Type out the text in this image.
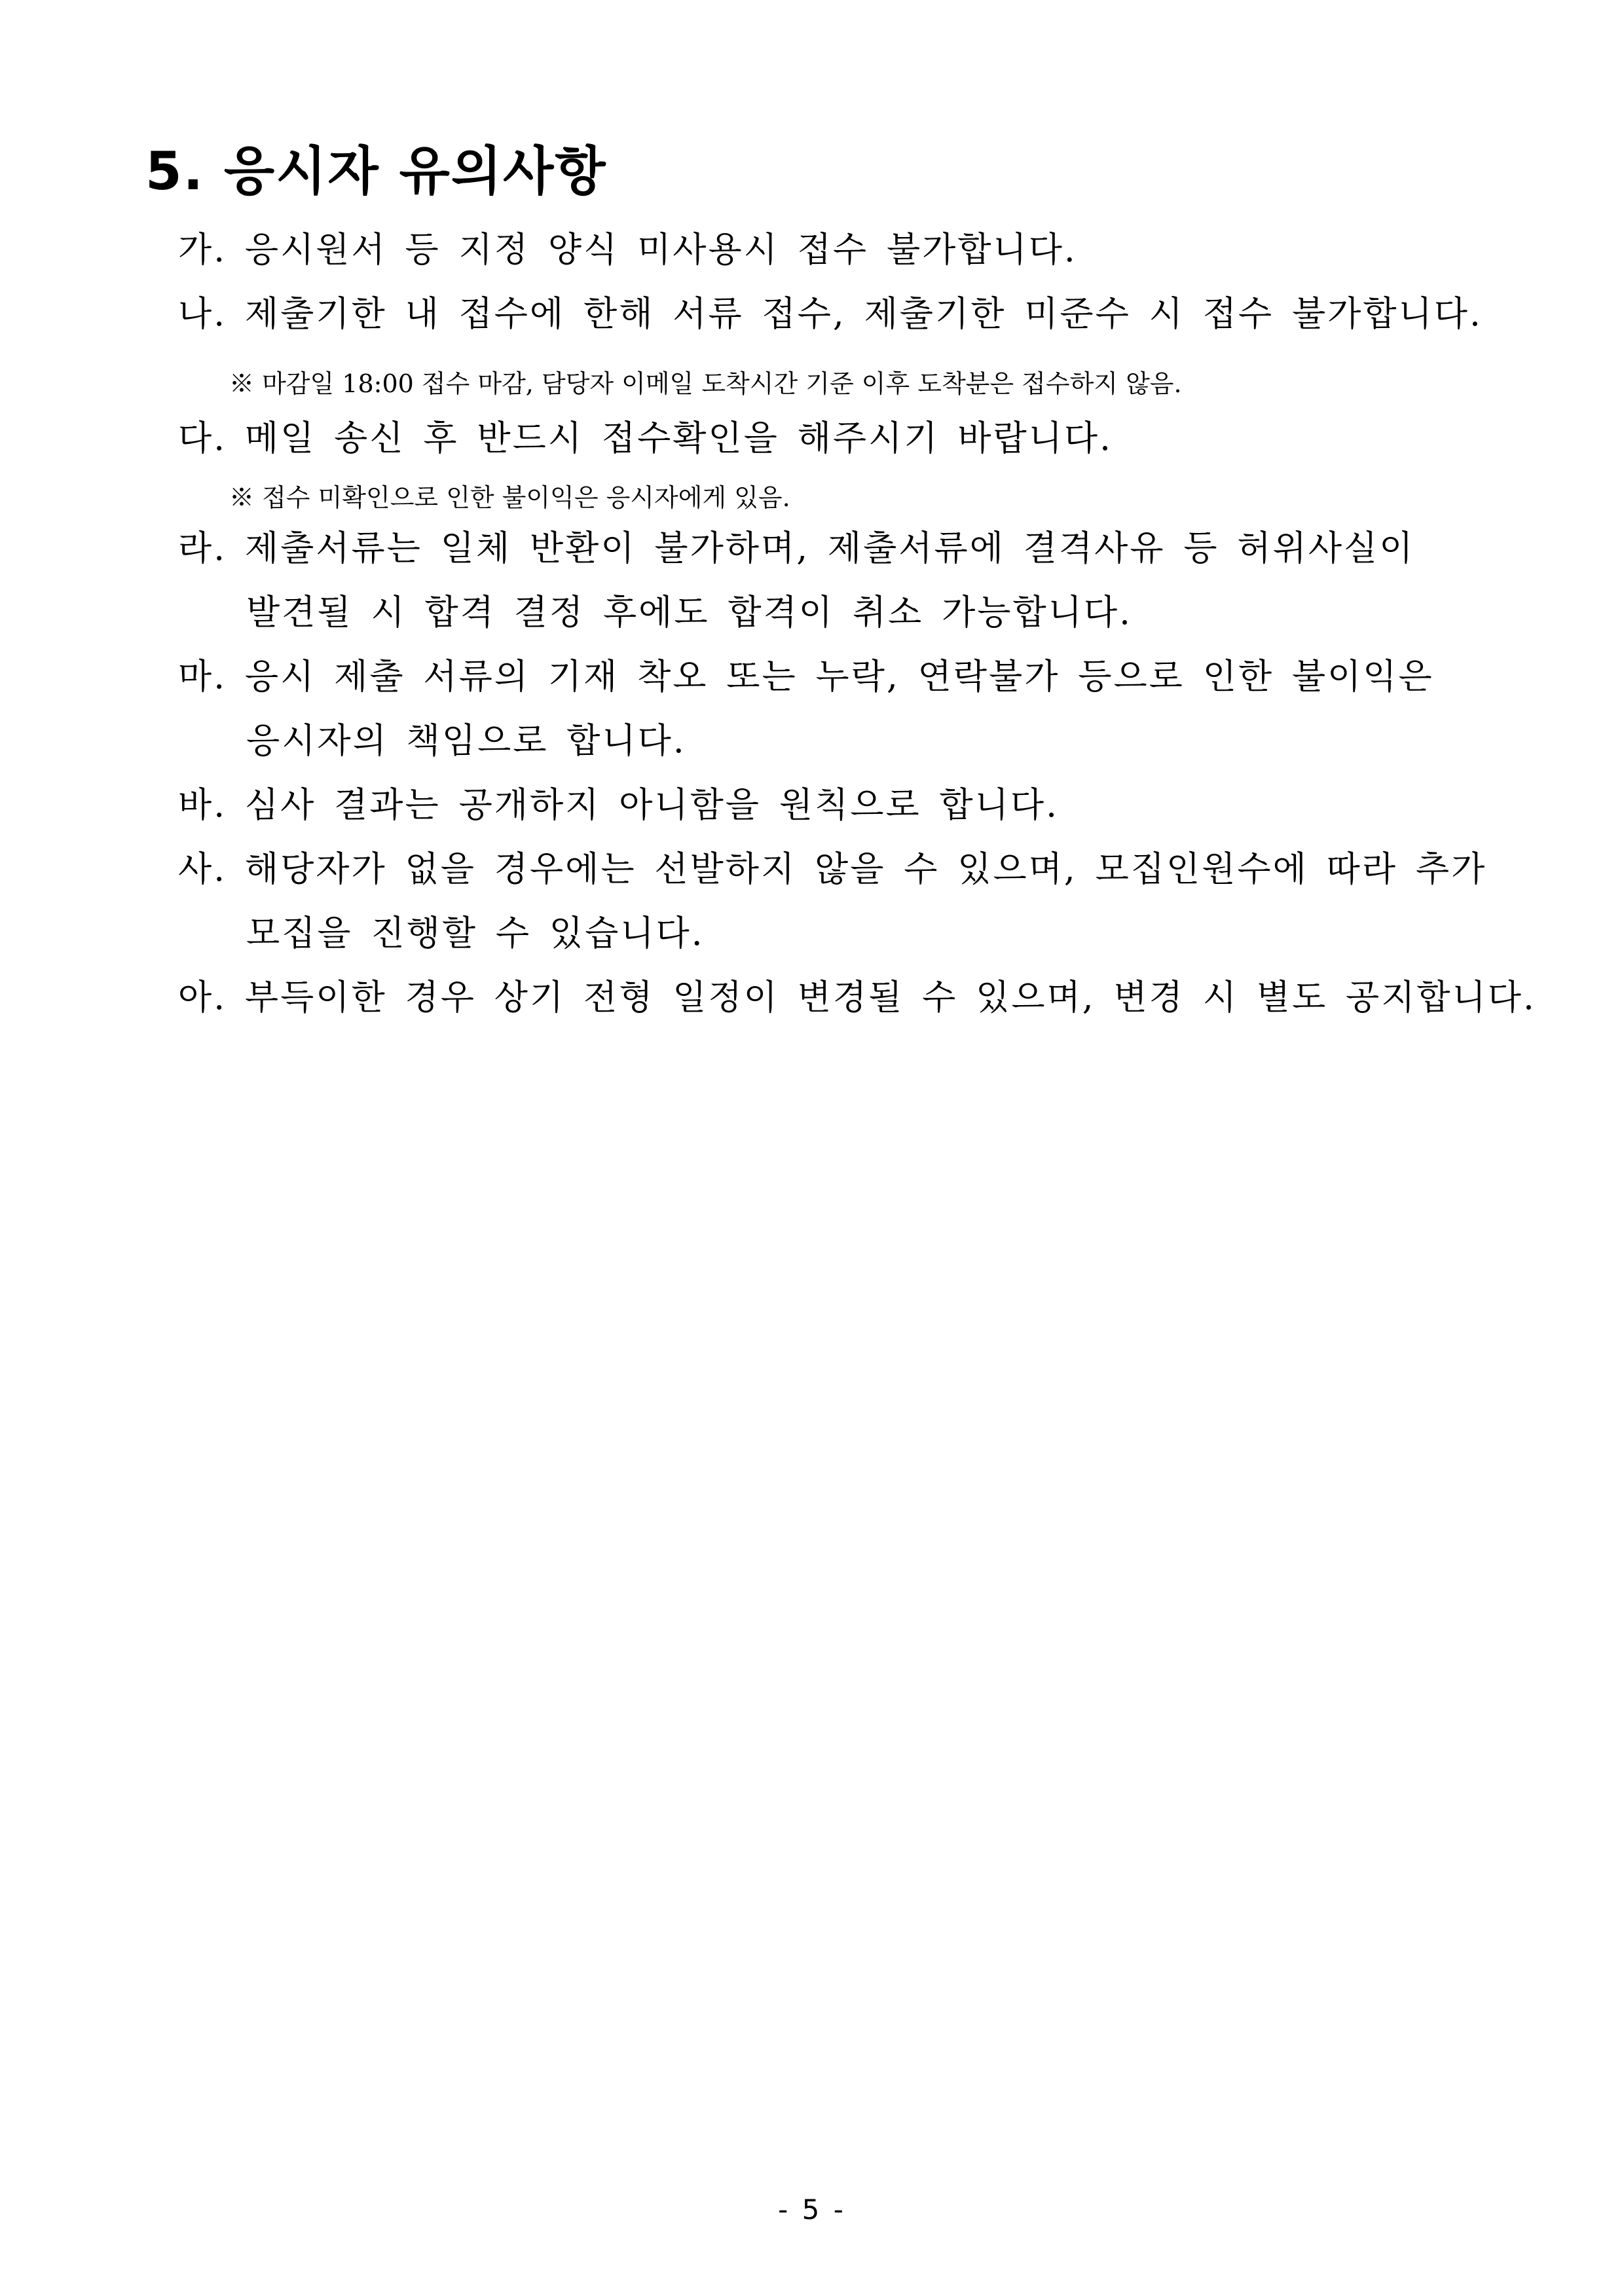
5. 응시자 유의사항
가. 응시원서 등 지정 양식 미사용시 접수 불가합니다.
나. 제출기한 내 접수에 한해 서류 접수, 제출기한 미준수 시 접수 불가합니다.
※ 마감일 18:00 접수 마감, 담당자 이메일 도착시간 기준 이후 도착분은 접수하지 않음.
다. 메일 송신 후 반드시 접수확인을 해주시기 바랍니다.
※ 접수 미확인으로 인한 불이익은 응시자에게 있음.
라. 제출서류는 일체 반환이 불가하며, 제출서류에 결격사유 등 허위사실이
발견될 시 합격 결정 후에도 합격이 취소 가능합니다.
마. 응시 제출 서류의 기재 착오 또는 누락, 연락불가 등으로 인한 불이익은
응시자의 책임으로 합니다.
바. 심사 결과는 공개하지 아니함을 원칙으로 합니다.
사. 해당자가 없을 경우에는 선발하지 않을 수 있으며, 모집인원수에 따라 추가
모집을 진행할 수 있습니다.
아. 부득이한 경우 상기 전형 일정이 변경될 수 있으며, 변경 시 별도 공지합니다.
- 5 -
